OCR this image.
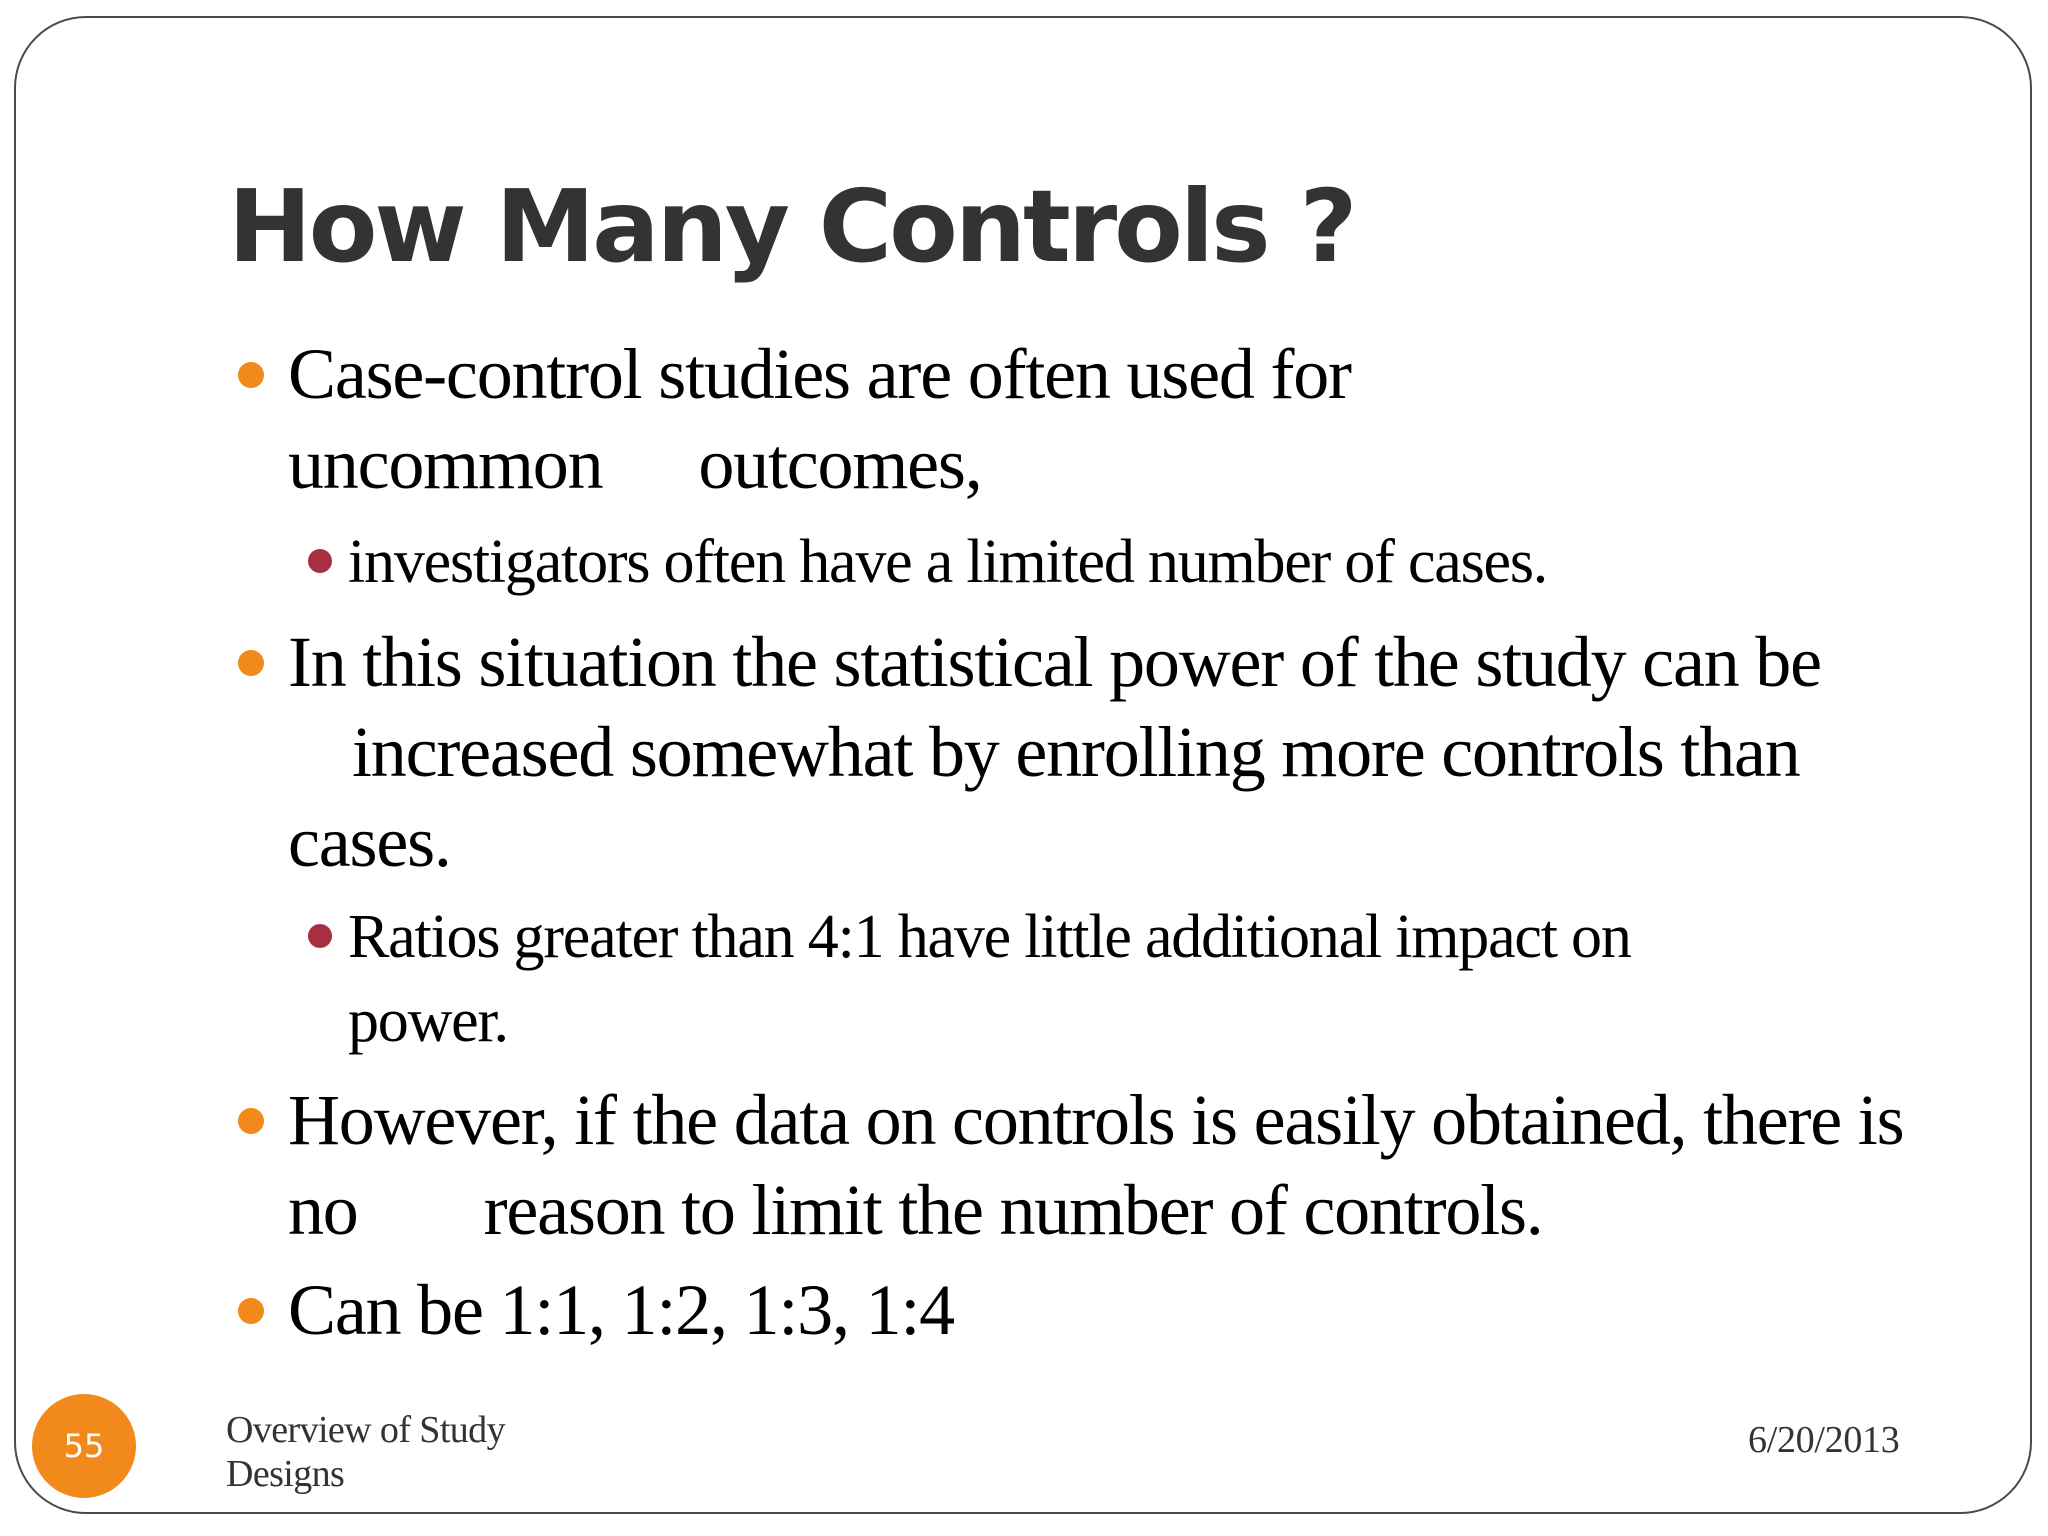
How Many Controls ?
Case-control studies are often used for
uncommon outcomes,
investigators often have a limited number of cases.
In this situation the statistical power of the study can be
increased somewhat by enrolling more controls than
cases.
Ratios greater than 4:1 have little additional impact on
power.
However, if the data on controls is easily obtained, there is
no reason to limit the number of controls.
Can be 1:1, 1:2, 1:3, 1:4
55	Overview of Study Designs
6/20/2013
